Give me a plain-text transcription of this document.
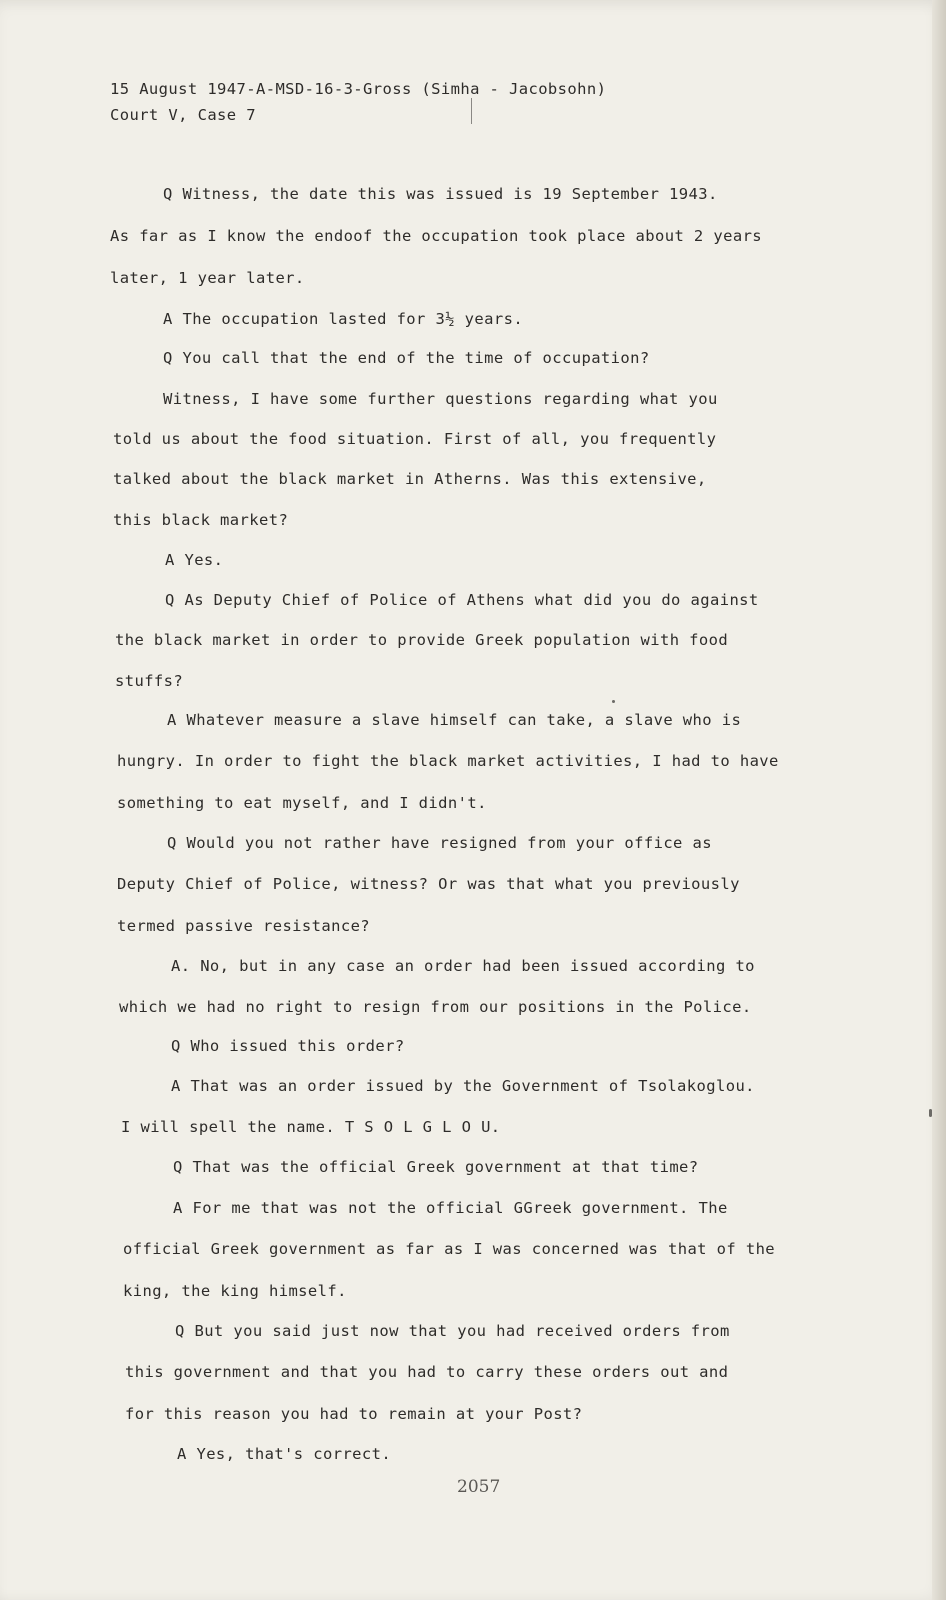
15 August 1947-A-MSD-16-3-Gross (Simha - Jacobsohn)
Court V, Case 7
Q Witness, the date this was issued is 19 September 1943.
As far as I know the endoof the occupation took place about 2 years
later, 1 year later.
A The occupation lasted for 3½ years.
Q You call that the end of the time of occupation?
Witness, I have some further questions regarding what you
told us about the food situation. First of all, you frequently
talked about the black market in Atherns. Was this extensive,
this black market?
A Yes.
Q As Deputy Chief of Police of Athens what did you do against
the black market in order to provide Greek population with food
stuffs?
A Whatever measure a slave himself can take, a slave who is
hungry. In order to fight the black market activities, I had to have
something to eat myself, and I didn't.
Q Would you not rather have resigned from your office as
Deputy Chief of Police, witness? Or was that what you previously
termed passive resistance?
A. No, but in any case an order had been issued according to
which we had no right to resign from our positions in the Police.
Q Who issued this order?
A That was an order issued by the Government of Tsolakoglou.
I will spell the name. T S O L G L O U.
Q That was the official Greek government at that time?
A For me that was not the official GGreek government. The
official Greek government as far as I was concerned was that of the
king, the king himself.
Q But you said just now that you had received orders from
this government and that you had to carry these orders out and
for this reason you had to remain at your Post?
A Yes, that's correct.
2057
